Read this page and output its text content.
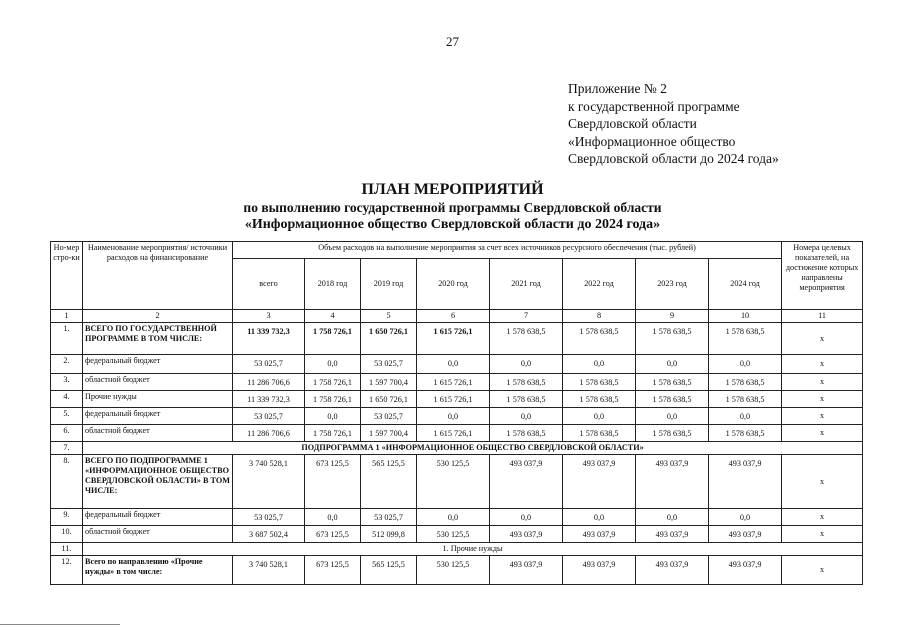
27
Приложение № 2
к государственной программе
Свердловской области
«Информационное общество
Свердловской области до 2024 года»
ПЛАН МЕРОПРИЯТИЙ
по выполнению государственной программы Свердловской области
«Информационное общество Свердловской области до 2024 года»
Но-мер стро-ки	Наименование мероприятия/ источники расходов на финансирование	Объем расходов на выполнение мероприятия за счет всех источников ресурсного обеспечения (тыс. рублей)								Номера целевых показателей, на достижение которых направлены мероприятия
		всего	2018 год	2019 год	2020 год	2021 год	2022 год	2023 год	2024 год	
1	2	3	4	5	6	7	8	9	10	11
1.	ВСЕГО ПО ГОСУДАРСТВЕННОЙ ПРОГРАММЕ В ТОМ ЧИСЛЕ:	11 339 732,3	1 758 726,1	1 650 726,1	1 615 726,1	1 578 638,5	1 578 638,5	1 578 638,5	1 578 638,5	x
2.	федеральный бюджет	53 025,7	0,0	53 025,7	0,0	0,0	0,0	0,0	0,0	x
3.	областной бюджет	11 286 706,6	1 758 726,1	1 597 700,4	1 615 726,1	1 578 638,5	1 578 638,5	1 578 638,5	1 578 638,5	x
4.	Прочие нужды	11 339 732,3	1 758 726,1	1 650 726,1	1 615 726,1	1 578 638,5	1 578 638,5	1 578 638,5	1 578 638,5	x
5.	федеральный бюджет	53 025,7	0,0	53 025,7	0,0	0,0	0,0	0,0	0,0	x
6.	областной бюджет	11 286 706,6	1 758 726,1	1 597 700,4	1 615 726,1	1 578 638,5	1 578 638,5	1 578 638,5	1 578 638,5	x
7.	ПОДПРОГРАММА 1 «ИНФОРМАЦИОННОЕ ОБЩЕСТВО СВЕРДЛОВСКОЙ ОБЛАСТИ»									
8.	ВСЕГО ПО ПОДПРОГРАММЕ 1 «ИНФОРМАЦИОННОЕ ОБЩЕСТВО СВЕРДЛОВСКОЙ ОБЛАСТИ» В ТОМ ЧИСЛЕ:	3 740 528,1	673 125,5	565 125,5	530 125,5	493 037,9	493 037,9	493 037,9	493 037,9	x
9.	федеральный бюджет	53 025,7	0,0	53 025,7	0,0	0,0	0,0	0,0	0,0	x
10.	областной бюджет	3 687 502,4	673 125,5	512 099,8	530 125,5	493 037,9	493 037,9	493 037,9	493 037,9	x
11.	1. Прочие нужды									
12.	Всего по направлению «Прочие нужды» в том числе:	3 740 528,1	673 125,5	565 125,5	530 125,5	493 037,9	493 037,9	493 037,9	493 037,9	x
